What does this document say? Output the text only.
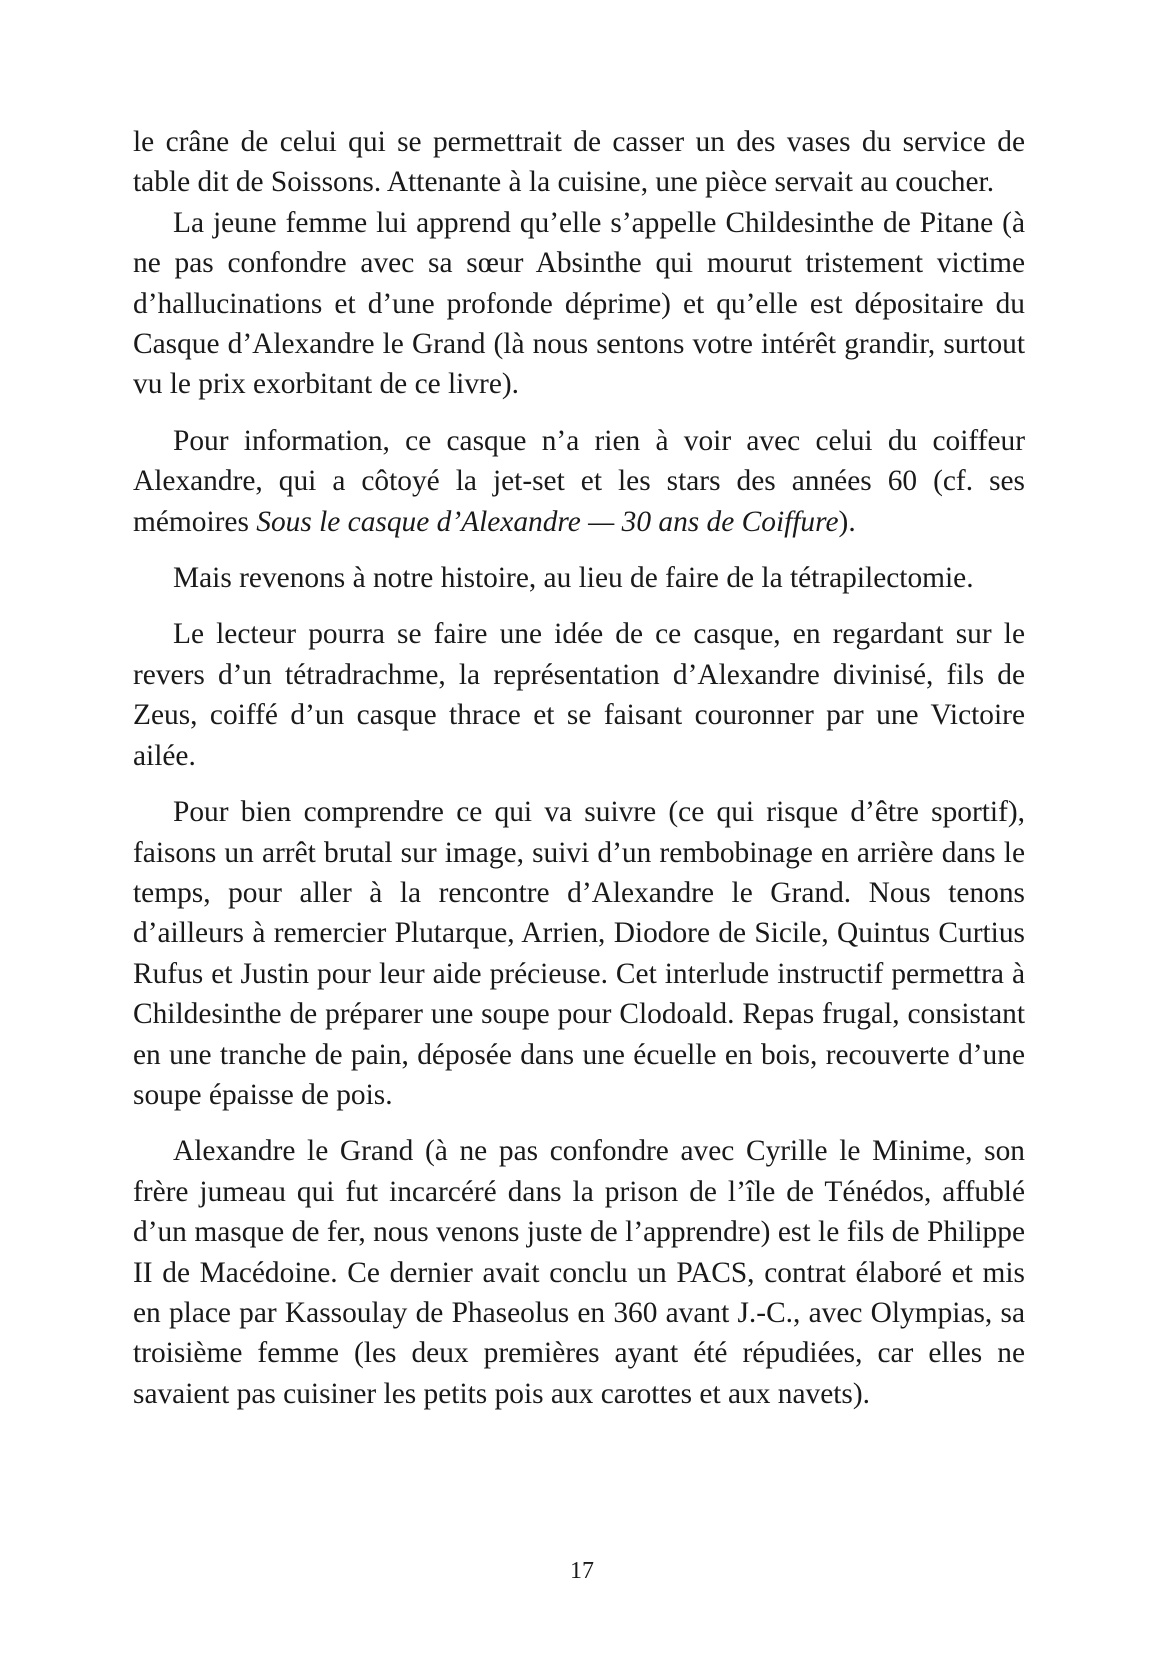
le crâne de celui qui se permettrait de casser un des vases du service de table dit de Soissons. Attenante à la cuisine, une pièce servait au coucher.

La jeune femme lui apprend qu’elle s’appelle Childesinthe de Pitane (à ne pas confondre avec sa sœur Absinthe qui mourut tristement victime d’hallucinations et d’une profonde déprime) et qu’elle est dépositaire du Casque d’Alexandre le Grand (là nous sentons votre intérêt grandir, surtout vu le prix exorbitant de ce livre).

Pour information, ce casque n’a rien à voir avec celui du coiffeur Alexandre, qui a côtoyé la jet-set et les stars des années 60 (cf. ses mémoires Sous le casque d’Alexandre — 30 ans de Coiffure).

Mais revenons à notre histoire, au lieu de faire de la tétrapilectomie.

Le lecteur pourra se faire une idée de ce casque, en regardant sur le revers d’un tétradrachme, la représentation d’Alexandre divinisé, fils de Zeus, coiffé d’un casque thrace et se faisant couronner par une Victoire ailée.

Pour bien comprendre ce qui va suivre (ce qui risque d’être sportif), faisons un arrêt brutal sur image, suivi d’un rembobinage en arrière dans le temps, pour aller à la rencontre d’Alexandre le Grand. Nous tenons d’ailleurs à remercier Plutarque, Arrien, Diodore de Sicile, Quintus Curtius Rufus et Justin pour leur aide précieuse. Cet interlude instructif permettra à Childesinthe de préparer une soupe pour Clodoald. Repas frugal, consistant en une tranche de pain, déposée dans une écuelle en bois, recouverte d’une soupe épaisse de pois.

Alexandre le Grand (à ne pas confondre avec Cyrille le Minime, son frère jumeau qui fut incarcéré dans la prison de l’île de Ténédos, affublé d’un masque de fer, nous venons juste de l’apprendre) est le fils de Philippe II de Macédoine. Ce dernier avait conclu un PACS, contrat élaboré et mis en place par Kassoulay de Phaseolus en 360 avant J.-C., avec Olympias, sa troisième femme (les deux premières ayant été répudiées, car elles ne savaient pas cuisiner les petits pois aux carottes et aux navets).

17
